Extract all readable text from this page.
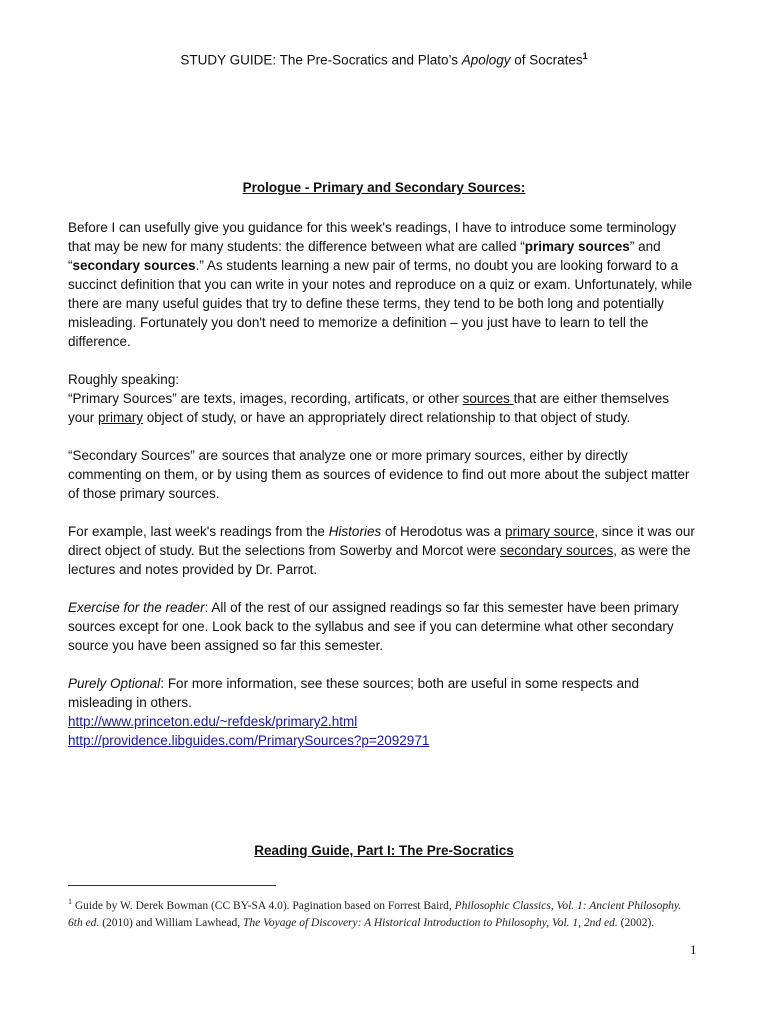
STUDY GUIDE: The Pre-Socratics and Plato’s Apology of Socrates$^1$
Prologue - Primary and Secondary Sources:

Before I can usefully give you guidance for this week's readings, I have to introduce some terminology that may be new for many students: the difference between what are called “primary sources” and “secondary sources.” As students learning a new pair of terms, no doubt you are looking forward to a succinct definition that you can write in your notes and reproduce on a quiz or exam. Unfortunately, while there are many useful guides that try to define these terms, they tend to be both long and potentially misleading. Fortunately you don't need to memorize a definition – you just have to learn to tell the difference.

Roughly speaking:
“Primary Sources” are texts, images, recording, artificats, or other sources that are either themselves your primary object of study, or have an appropriately direct relationship to that object of study.

“Secondary Sources” are sources that analyze one or more primary sources, either by directly commenting on them, or by using them as sources of evidence to find out more about the subject matter of those primary sources.

For example, last week's readings from the Histories of Herodotus was a primary source, since it was our direct object of study. But the selections from Sowerby and Morcot were secondary sources, as were the lectures and notes provided by Dr. Parrot.

Exercise for the reader: All of the rest of our assigned readings so far this semester have been primary sources except for one. Look back to the syllabus and see if you can determine what other secondary source you have been assigned so far this semester.

Purely Optional: For more information, see these sources; both are useful in some respects and misleading in others.
http://www.princeton.edu/~refdesk/primary2.html
http://providence.libguides.com/PrimarySources?p=2092971

Reading Guide, Part I: The Pre-Socratics
$^1$ Guide by W. Derek Bowman (CC BY-SA 4.0). Pagination based on Forrest Baird, Philosophic Classics, Vol. 1: Ancient Philosophy. 6th ed. (2010) and William Lawhead, The Voyage of Discovery: A Historical Introduction to Philosophy, Vol. 1, 2nd ed. (2002).
1
